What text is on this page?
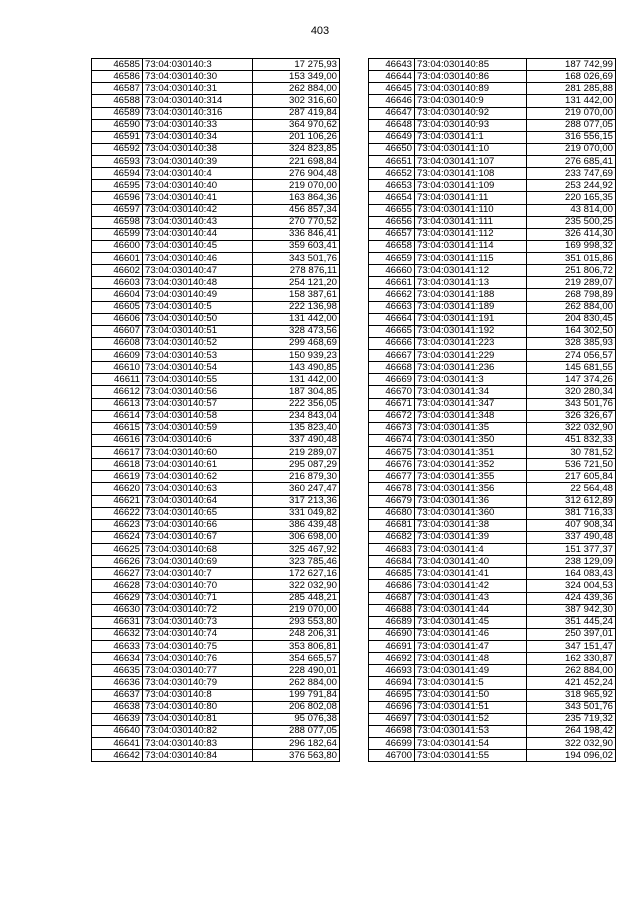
403
46585	73:04:030140:3	17 275,93
46586	73:04:030140:30	153 349,00
46587	73:04:030140:31	262 884,00
46588	73:04:030140:314	302 316,60
46589	73:04:030140:316	287 419,84
46590	73:04:030140:33	364 970,62
46591	73:04:030140:34	201 106,26
46592	73:04:030140:38	324 823,85
46593	73:04:030140:39	221 698,84
46594	73:04:030140:4	276 904,48
46595	73:04:030140:40	219 070,00
46596	73:04:030140:41	163 864,36
46597	73:04:030140:42	456 857,34
46598	73:04:030140:43	270 770,52
46599	73:04:030140:44	336 846,41
46600	73:04:030140:45	359 603,41
46601	73:04:030140:46	343 501,76
46602	73:04:030140:47	278 876,11
46603	73:04:030140:48	254 121,20
46604	73:04:030140:49	158 387,61
46605	73:04:030140:5	222 136,98
46606	73:04:030140:50	131 442,00
46607	73:04:030140:51	328 473,56
46608	73:04:030140:52	299 468,69
46609	73:04:030140:53	150 939,23
46610	73:04:030140:54	143 490,85
46611	73:04:030140:55	131 442,00
46612	73:04:030140:56	187 304,85
46613	73:04:030140:57	222 356,05
46614	73:04:030140:58	234 843,04
46615	73:04:030140:59	135 823,40
46616	73:04:030140:6	337 490,48
46617	73:04:030140:60	219 289,07
46618	73:04:030140:61	295 087,29
46619	73:04:030140:62	216 879,30
46620	73:04:030140:63	360 247,47
46621	73:04:030140:64	317 213,36
46622	73:04:030140:65	331 049,82
46623	73:04:030140:66	386 439,48
46624	73:04:030140:67	306 698,00
46625	73:04:030140:68	325 467,92
46626	73:04:030140:69	323 785,46
46627	73:04:030140:7	172 627,16
46628	73:04:030140:70	322 032,90
46629	73:04:030140:71	285 448,21
46630	73:04:030140:72	219 070,00
46631	73:04:030140:73	293 553,80
46632	73:04:030140:74	248 206,31
46633	73:04:030140:75	353 806,81
46634	73:04:030140:76	354 665,57
46635	73:04:030140:77	228 490,01
46636	73:04:030140:79	262 884,00
46637	73:04:030140:8	199 791,84
46638	73:04:030140:80	206 802,08
46639	73:04:030140:81	95 076,38
46640	73:04:030140:82	288 077,05
46641	73:04:030140:83	296 182,64
46642	73:04:030140:84	376 563,80
46643	73:04:030140:85	187 742,99
46644	73:04:030140:86	168 026,69
46645	73:04:030140:89	281 285,88
46646	73:04:030140:9	131 442,00
46647	73:04:030140:92	219 070,00
46648	73:04:030140:93	288 077,05
46649	73:04:030141:1	316 556,15
46650	73:04:030141:10	219 070,00
46651	73:04:030141:107	276 685,41
46652	73:04:030141:108	233 747,69
46653	73:04:030141:109	253 244,92
46654	73:04:030141:11	220 165,35
46655	73:04:030141:110	43 814,00
46656	73:04:030141:111	235 500,25
46657	73:04:030141:112	326 414,30
46658	73:04:030141:114	169 998,32
46659	73:04:030141:115	351 015,86
46660	73:04:030141:12	251 806,72
46661	73:04:030141:13	219 289,07
46662	73:04:030141:188	268 798,89
46663	73:04:030141:189	262 884,00
46664	73:04:030141:191	204 830,45
46665	73:04:030141:192	164 302,50
46666	73:04:030141:223	328 385,93
46667	73:04:030141:229	274 056,57
46668	73:04:030141:236	145 681,55
46669	73:04:030141:3	147 374,26
46670	73:04:030141:34	320 280,34
46671	73:04:030141:347	343 501,76
46672	73:04:030141:348	326 326,67
46673	73:04:030141:35	322 032,90
46674	73:04:030141:350	451 832,33
46675	73:04:030141:351	30 781,52
46676	73:04:030141:352	536 721,50
46677	73:04:030141:355	217 605,84
46678	73:04:030141:356	22 564,48
46679	73:04:030141:36	312 612,89
46680	73:04:030141:360	381 716,33
46681	73:04:030141:38	407 908,34
46682	73:04:030141:39	337 490,48
46683	73:04:030141:4	151 377,37
46684	73:04:030141:40	238 129,09
46685	73:04:030141:41	164 083,43
46686	73:04:030141:42	324 004,53
46687	73:04:030141:43	424 439,36
46688	73:04:030141:44	387 942,30
46689	73:04:030141:45	351 445,24
46690	73:04:030141:46	250 397,01
46691	73:04:030141:47	347 151,47
46692	73:04:030141:48	162 330,87
46693	73:04:030141:49	262 884,00
46694	73:04:030141:5	421 452,24
46695	73:04:030141:50	318 965,92
46696	73:04:030141:51	343 501,76
46697	73:04:030141:52	235 719,32
46698	73:04:030141:53	264 198,42
46699	73:04:030141:54	322 032,90
46700	73:04:030141:55	194 096,02
